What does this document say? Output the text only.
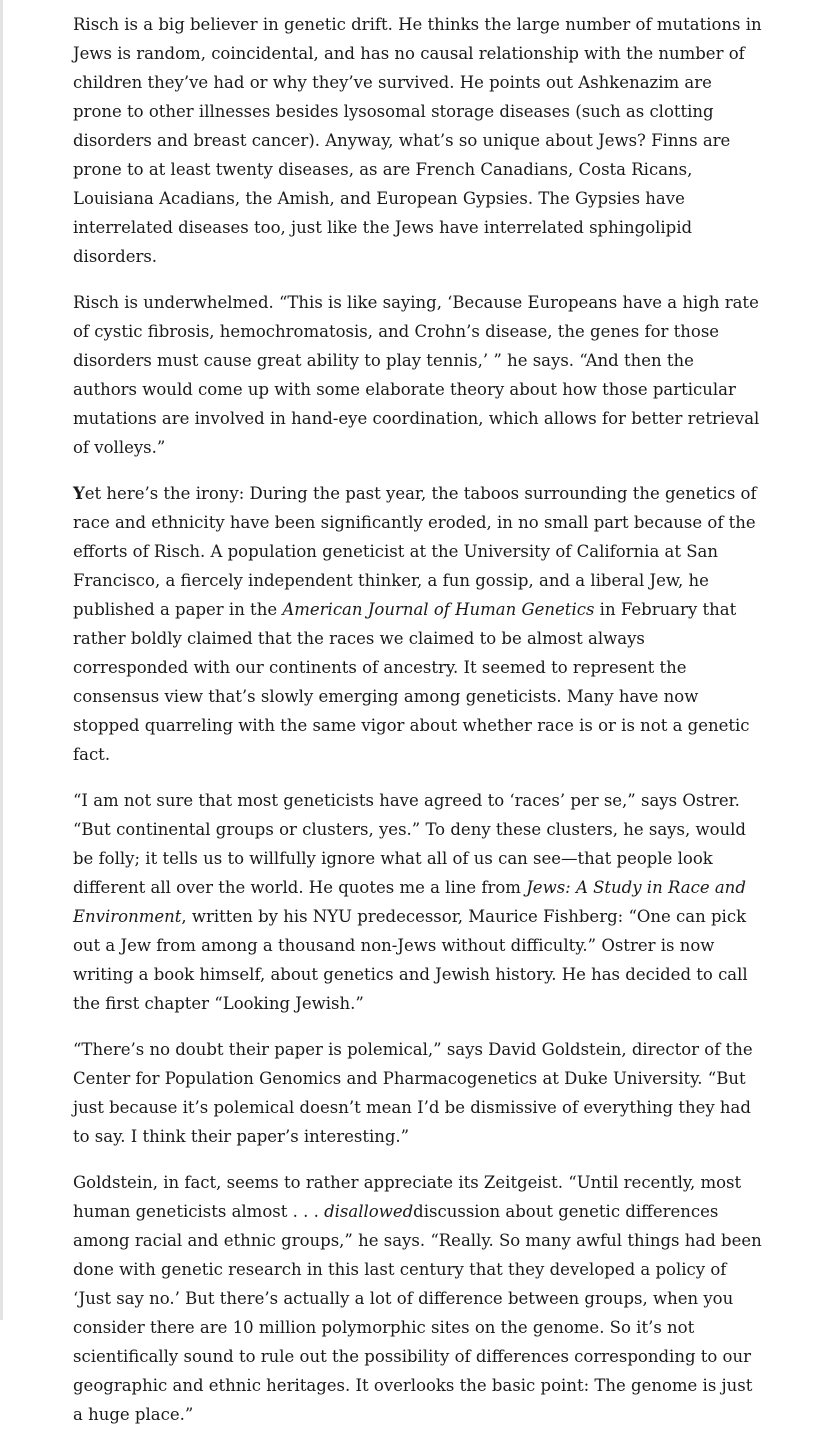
Risch is a big believer in genetic drift. He thinks the large number of mutations in Jews is random, coincidental, and has no causal relationship with the number of children they’ve had or why they’ve survived. He points out Ashkenazim are prone to other illnesses besides lysosomal storage diseases (such as clotting disorders and breast cancer). Anyway, what’s so unique about Jews? Finns are prone to at least twenty diseases, as are French Canadians, Costa Ricans, Louisiana Acadians, the Amish, and European Gypsies. The Gypsies have interrelated diseases too, just like the Jews have interrelated sphingolipid disorders.

Risch is underwhelmed. “This is like saying, ‘Because Europeans have a high rate of cystic fibrosis, hemochromatosis, and Crohn’s disease, the genes for those disorders must cause great ability to play tennis,’ ” he says. “And then the authors would come up with some elaborate theory about how those particular mutations are involved in hand-eye coordination, which allows for better retrieval of volleys.”

Yet here’s the irony: During the past year, the taboos surrounding the genetics of race and ethnicity have been significantly eroded, in no small part because of the efforts of Risch. A population geneticist at the University of California at San Francisco, a fiercely independent thinker, a fun gossip, and a liberal Jew, he published a paper in the American Journal of Human Genetics in February that rather boldly claimed that the races we claimed to be almost always corresponded with our continents of ancestry. It seemed to represent the consensus view that’s slowly emerging among geneticists. Many have now stopped quarreling with the same vigor about whether race is or is not a genetic fact.

“I am not sure that most geneticists have agreed to ‘races’ per se,” says Ostrer. “But continental groups or clusters, yes.” To deny these clusters, he says, would be folly; it tells us to willfully ignore what all of us can see—that people look different all over the world. He quotes me a line from Jews: A Study in Race and Environment, written by his NYU predecessor, Maurice Fishberg: “One can pick out a Jew from among a thousand non-Jews without difficulty.” Ostrer is now writing a book himself, about genetics and Jewish history. He has decided to call the first chapter “Looking Jewish.”

“There’s no doubt their paper is polemical,” says David Goldstein, director of the Center for Population Genomics and Pharmacogenetics at Duke University. “But just because it’s polemical doesn’t mean I’d be dismissive of everything they had to say. I think their paper’s interesting.”

Goldstein, in fact, seems to rather appreciate its Zeitgeist. “Until recently, most human geneticists almost . . . disalloweddiscussion about genetic differences among racial and ethnic groups,” he says. “Really. So many awful things had been done with genetic research in this last century that they developed a policy of ‘Just say no.’ But there’s actually a lot of difference between groups, when you consider there are 10 million polymorphic sites on the genome. So it’s not scientifically sound to rule out the possibility of differences corresponding to our geographic and ethnic heritages. It overlooks the basic point: The genome is just a huge place.”
